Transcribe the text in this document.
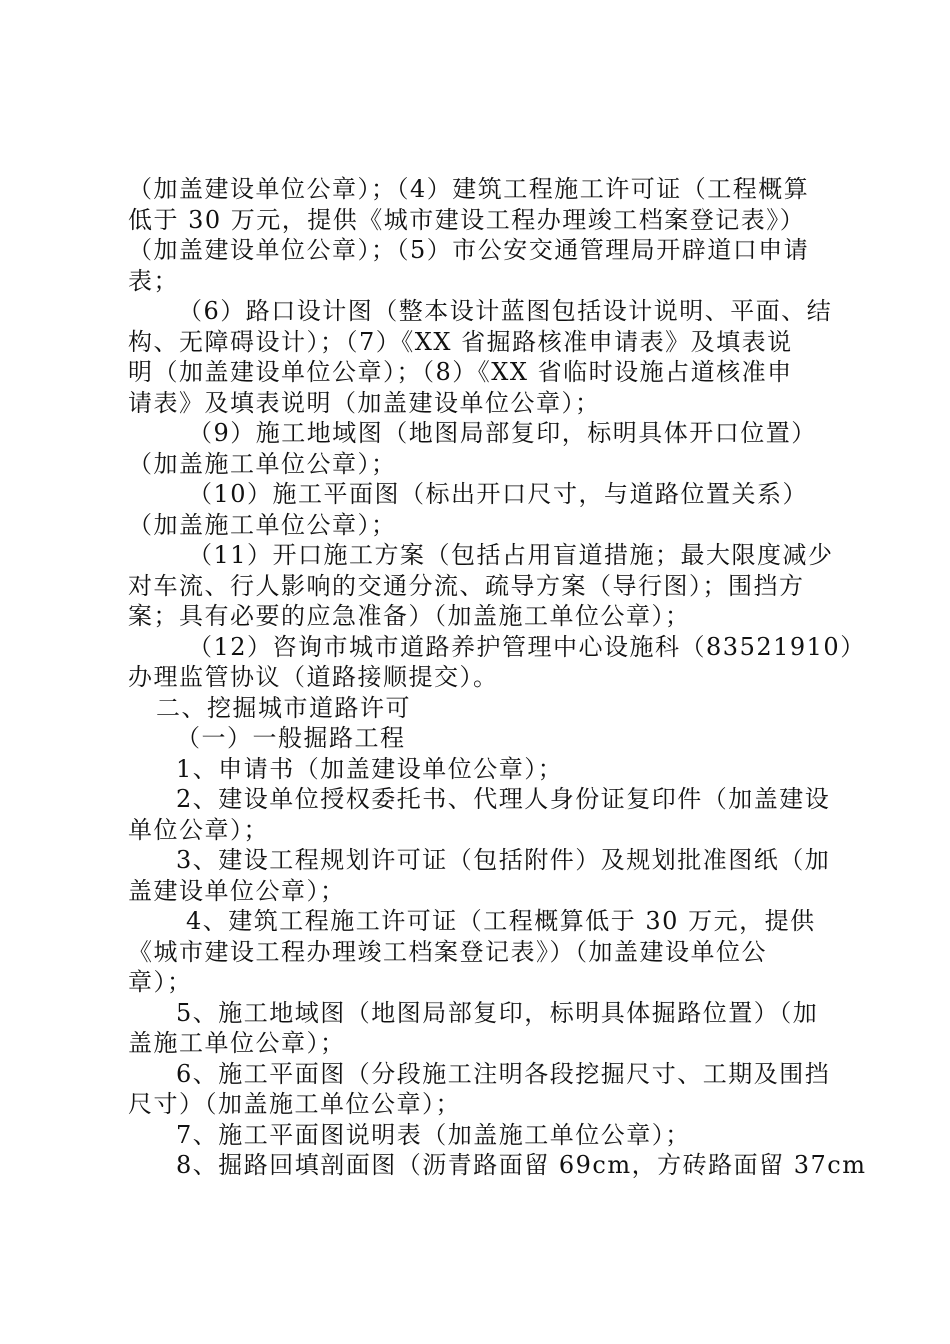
（加盖建设单位公章）；（4）建筑工程施工许可证（工程概算
低于 30 万元，提供《城市建设工程办理竣工档案登记表》）
（加盖建设单位公章）；（5）市公安交通管理局开辟道口申请
表；
（6）路口设计图（整本设计蓝图包括设计说明、平面、结
构、无障碍设计）；（7）《XX 省掘路核准申请表》及填表说
明（加盖建设单位公章）；（8）《XX 省临时设施占道核准申
请表》及填表说明（加盖建设单位公章）；
（9）施工地域图（地图局部复印，标明具体开口位置）
（加盖施工单位公章）；
（10）施工平面图（标出开口尺寸，与道路位置关系）
（加盖施工单位公章）；
（11）开口施工方案（包括占用盲道措施；最大限度减少
对车流、行人影响的交通分流、疏导方案（导行图）；围挡方
案；具有必要的应急准备）（加盖施工单位公章）；
（12）咨询市城市道路养护管理中心设施科（83521910）
办理监管协议（道路接顺提交）。
二、挖掘城市道路许可
（一）一般掘路工程
1、申请书（加盖建设单位公章）；
2、建设单位授权委托书、代理人身份证复印件（加盖建设
单位公章）；
3、建设工程规划许可证（包括附件）及规划批准图纸（加
盖建设单位公章）；
4、建筑工程施工许可证（工程概算低于 30 万元，提供
《城市建设工程办理竣工档案登记表》）（加盖建设单位公
章）；
5、施工地域图（地图局部复印，标明具体掘路位置）（加
盖施工单位公章）；
6、施工平面图（分段施工注明各段挖掘尺寸、工期及围挡
尺寸）（加盖施工单位公章）；
7、施工平面图说明表（加盖施工单位公章）；
8、掘路回填剖面图（沥青路面留 69cm，方砖路面留 37cm
